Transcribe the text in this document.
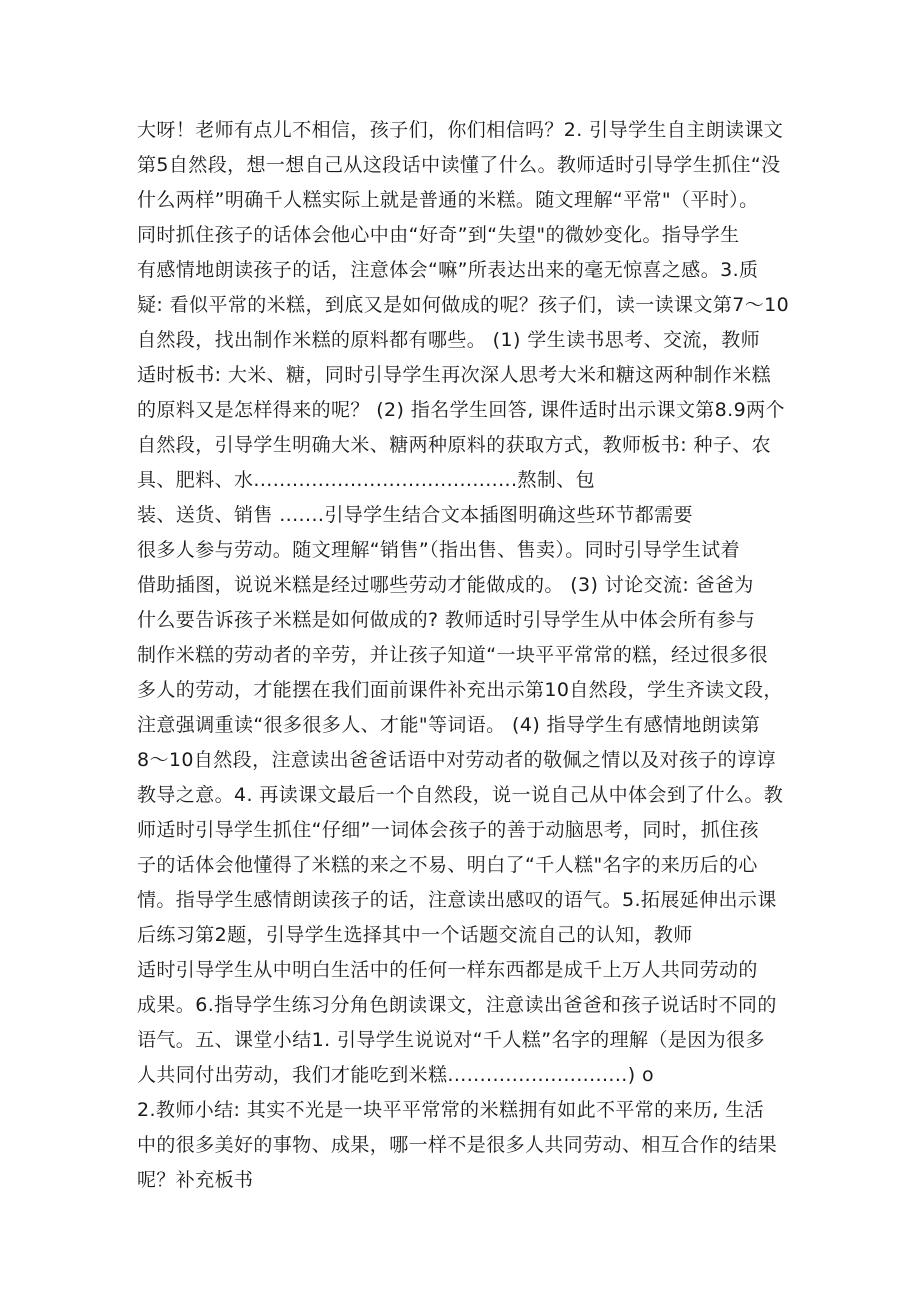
大呀！老师有点儿不相信，孩子们，你们相信吗？2. 引导学生自主朗读课文
第5自然段，想一想自己从这段话中读懂了什么。教师适时引导学生抓住“没
什么两样”明确千人糕实际上就是普通的米糕。随文理解“平常"（平时）。
同时抓住孩子的话体会他心中由“好奇”到“失望"的微妙变化。指导学生
有感情地朗读孩子的话，注意体会“嘛”所表达出来的毫无惊喜之感。3.质
疑: 看似平常的米糕，到底又是如何做成的呢？孩子们，读一读课文第7〜10
自然段，找出制作米糕的原料都有哪些。 (1) 学生读书思考、交流，教师
适时板书: 大米、糖，同时引导学生再次深人思考大米和糖这两种制作米糕
的原料又是怎样得来的呢？ (2) 指名学生回答, 课件适时出示课文第8.9两个
自然段，引导学生明确大米、糖两种原料的获取方式，教师板书: 种子、农
具、肥料、水.........................................熬制、包
装、送货、销售 .......引导学生结合文本插图明确这些环节都需要
很多人参与劳动。随文理解“销售”（指出售、售卖）。同时引导学生试着
借助插图，说说米糕是经过哪些劳动才能做成的。 (3) 讨论交流: 爸爸为
什么要告诉孩子米糕是如何做成的? 教师适时引导学生从中体会所有参与
制作米糕的劳动者的辛劳，并让孩子知道“一块平平常常的糕，经过很多很
多人的劳动，才能摆在我们面前课件补充出示第10自然段，学生齐读文段，
注意强调重读“很多很多人、才能"等词语。 (4) 指导学生有感情地朗读第
8〜10自然段，注意读出爸爸话语中对劳动者的敬佩之情以及对孩子的谆谆
教导之意。4. 再读课文最后一个自然段，说一说自己从中体会到了什么。教
师适时引导学生抓住“仔细”一词体会孩子的善于动脑思考，同时，抓住孩
子的话体会他懂得了米糕的来之不易、明白了“千人糕"名字的来历后的心
情。指导学生感情朗读孩子的话，注意读出感叹的语气。5.拓展延伸出示课
后练习第2题，引导学生选择其中一个话题交流自己的认知，教师
适时引导学生从中明白生活中的任何一样东西都是成千上万人共同劳动的
成果。6.指导学生练习分角色朗读课文，注意读出爸爸和孩子说话时不同的
语气。五、课堂小结1. 引导学生说说对“千人糕”名字的理解（是因为很多
人共同付出劳动，我们才能吃到米糕............................) o
2.教师小结: 其实不光是一块平平常常的米糕拥有如此不平常的来历, 生活
中的很多美好的事物、成果，哪一样不是很多人共同劳动、相互合作的结果
呢？补充板书
